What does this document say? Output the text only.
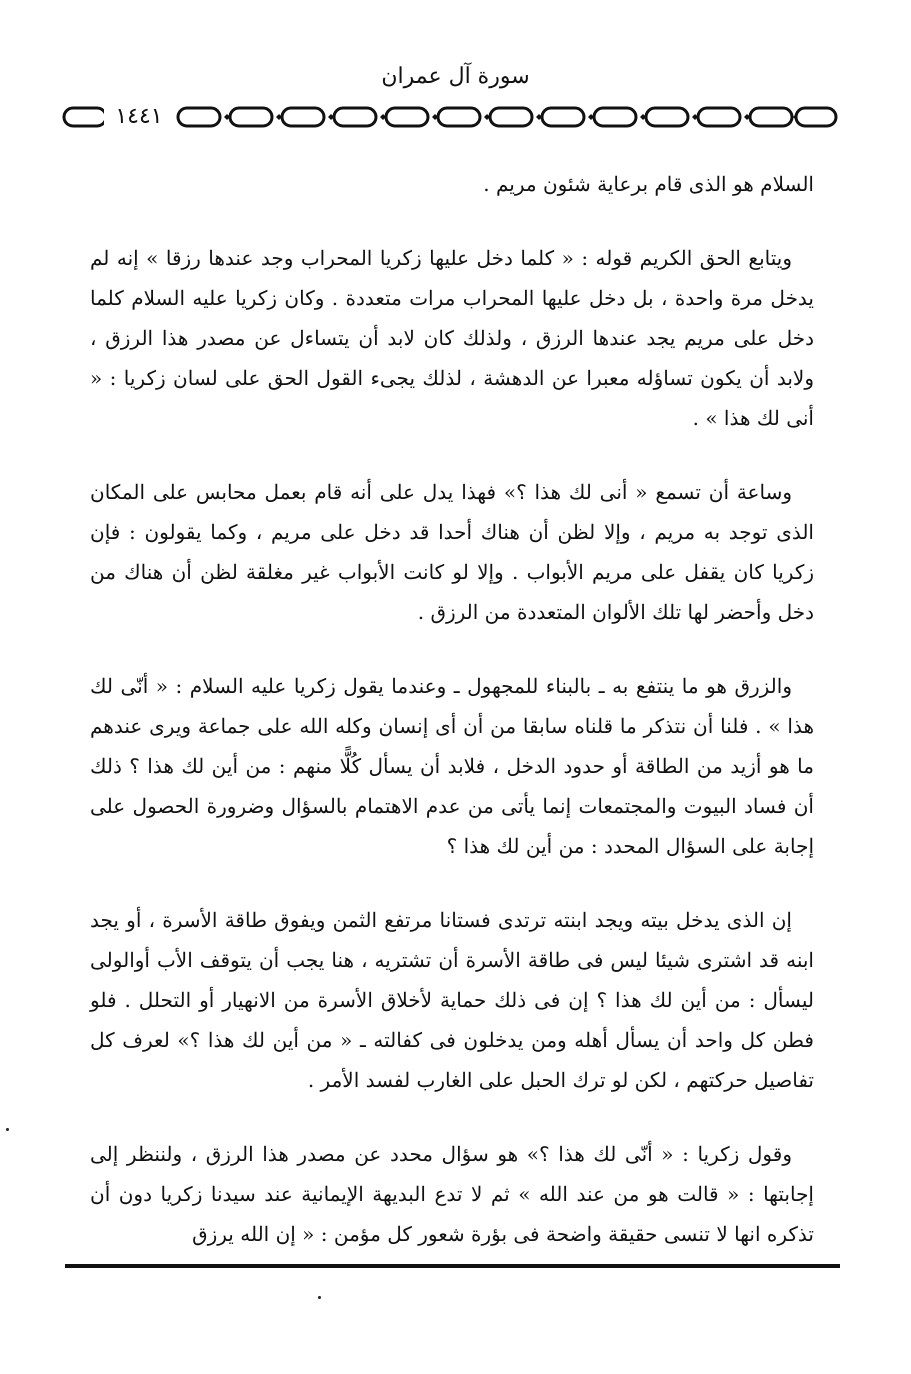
سورة آل عمران
١٤٤١

السلام هو الذى قام برعاية شئون مريم .

ويتابع الحق الكريم قوله : « كلما دخل عليها زكريا المحراب وجد عندها رزقا » إنه لم يدخل مرة واحدة ، بل دخل عليها المحراب مرات متعددة . وكان زكريا عليه السلام كلما دخل على مريم يجد عندها الرزق ، ولذلك كان لابد أن يتساءل عن مصدر هذا الرزق ، ولابد أن يكون تساؤله معبرا عن الدهشة ، لذلك يجىء القول الحق على لسان زكريا : « أنى لك هذا » .

وساعة أن تسمع « أنى لك هذا ؟» فهذا يدل على أنه قام بعمل محابس على المكان الذى توجد به مريم ، وإلا لظن أن هناك أحدا قد دخل على مريم ، وكما يقولون : فإن زكريا كان يقفل على مريم الأبواب . وإلا لو كانت الأبواب غير مغلقة لظن أن هناك من دخل وأحضر لها تلك الألوان المتعددة من الرزق .

والزرق هو ما ينتفع به ـ بالبناء للمجهول ـ وعندما يقول زكريا عليه السلام : « أنّى لك هذا » . فلنا أن نتذكر ما قلناه سابقا من أن أى إنسان وكله الله على جماعة ويرى عندهم ما هو أزيد من الطاقة أو حدود الدخل ، فلابد أن يسأل كُلًّا منهم : من أين لك هذا ؟ ذلك أن فساد البيوت والمجتمعات إنما يأتى من عدم الاهتمام بالسؤال وضرورة الحصول على إجابة على السؤال المحدد : من أين لك هذا ؟

إن الذى يدخل بيته ويجد ابنته ترتدى فستانا مرتفع الثمن ويفوق طاقة الأسرة ، أو يجد ابنه قد اشترى شيئا ليس فى طاقة الأسرة أن تشتريه ، هنا يجب أن يتوقف الأب أوالولى ليسأل : من أين لك هذا ؟ إن فى ذلك حماية لأخلاق الأسرة من الانهيار أو التحلل . فلو فطن كل واحد أن يسأل أهله ومن يدخلون فى كفالته ـ « من أين لك هذا ؟» لعرف كل تفاصيل حركتهم ، لكن لو ترك الحبل على الغارب لفسد الأمر .

وقول زكريا : « أنّى لك هذا ؟» هو سؤال محدد عن مصدر هذا الرزق ، ولننظر إلى إجابتها : « قالت هو من عند الله » ثم لا تدع البديهة الإيمانية عند سيدنا زكريا دون أن تذكره انها لا تنسى حقيقة واضحة فى بؤرة شعور كل مؤمن : « إن الله يرزق
